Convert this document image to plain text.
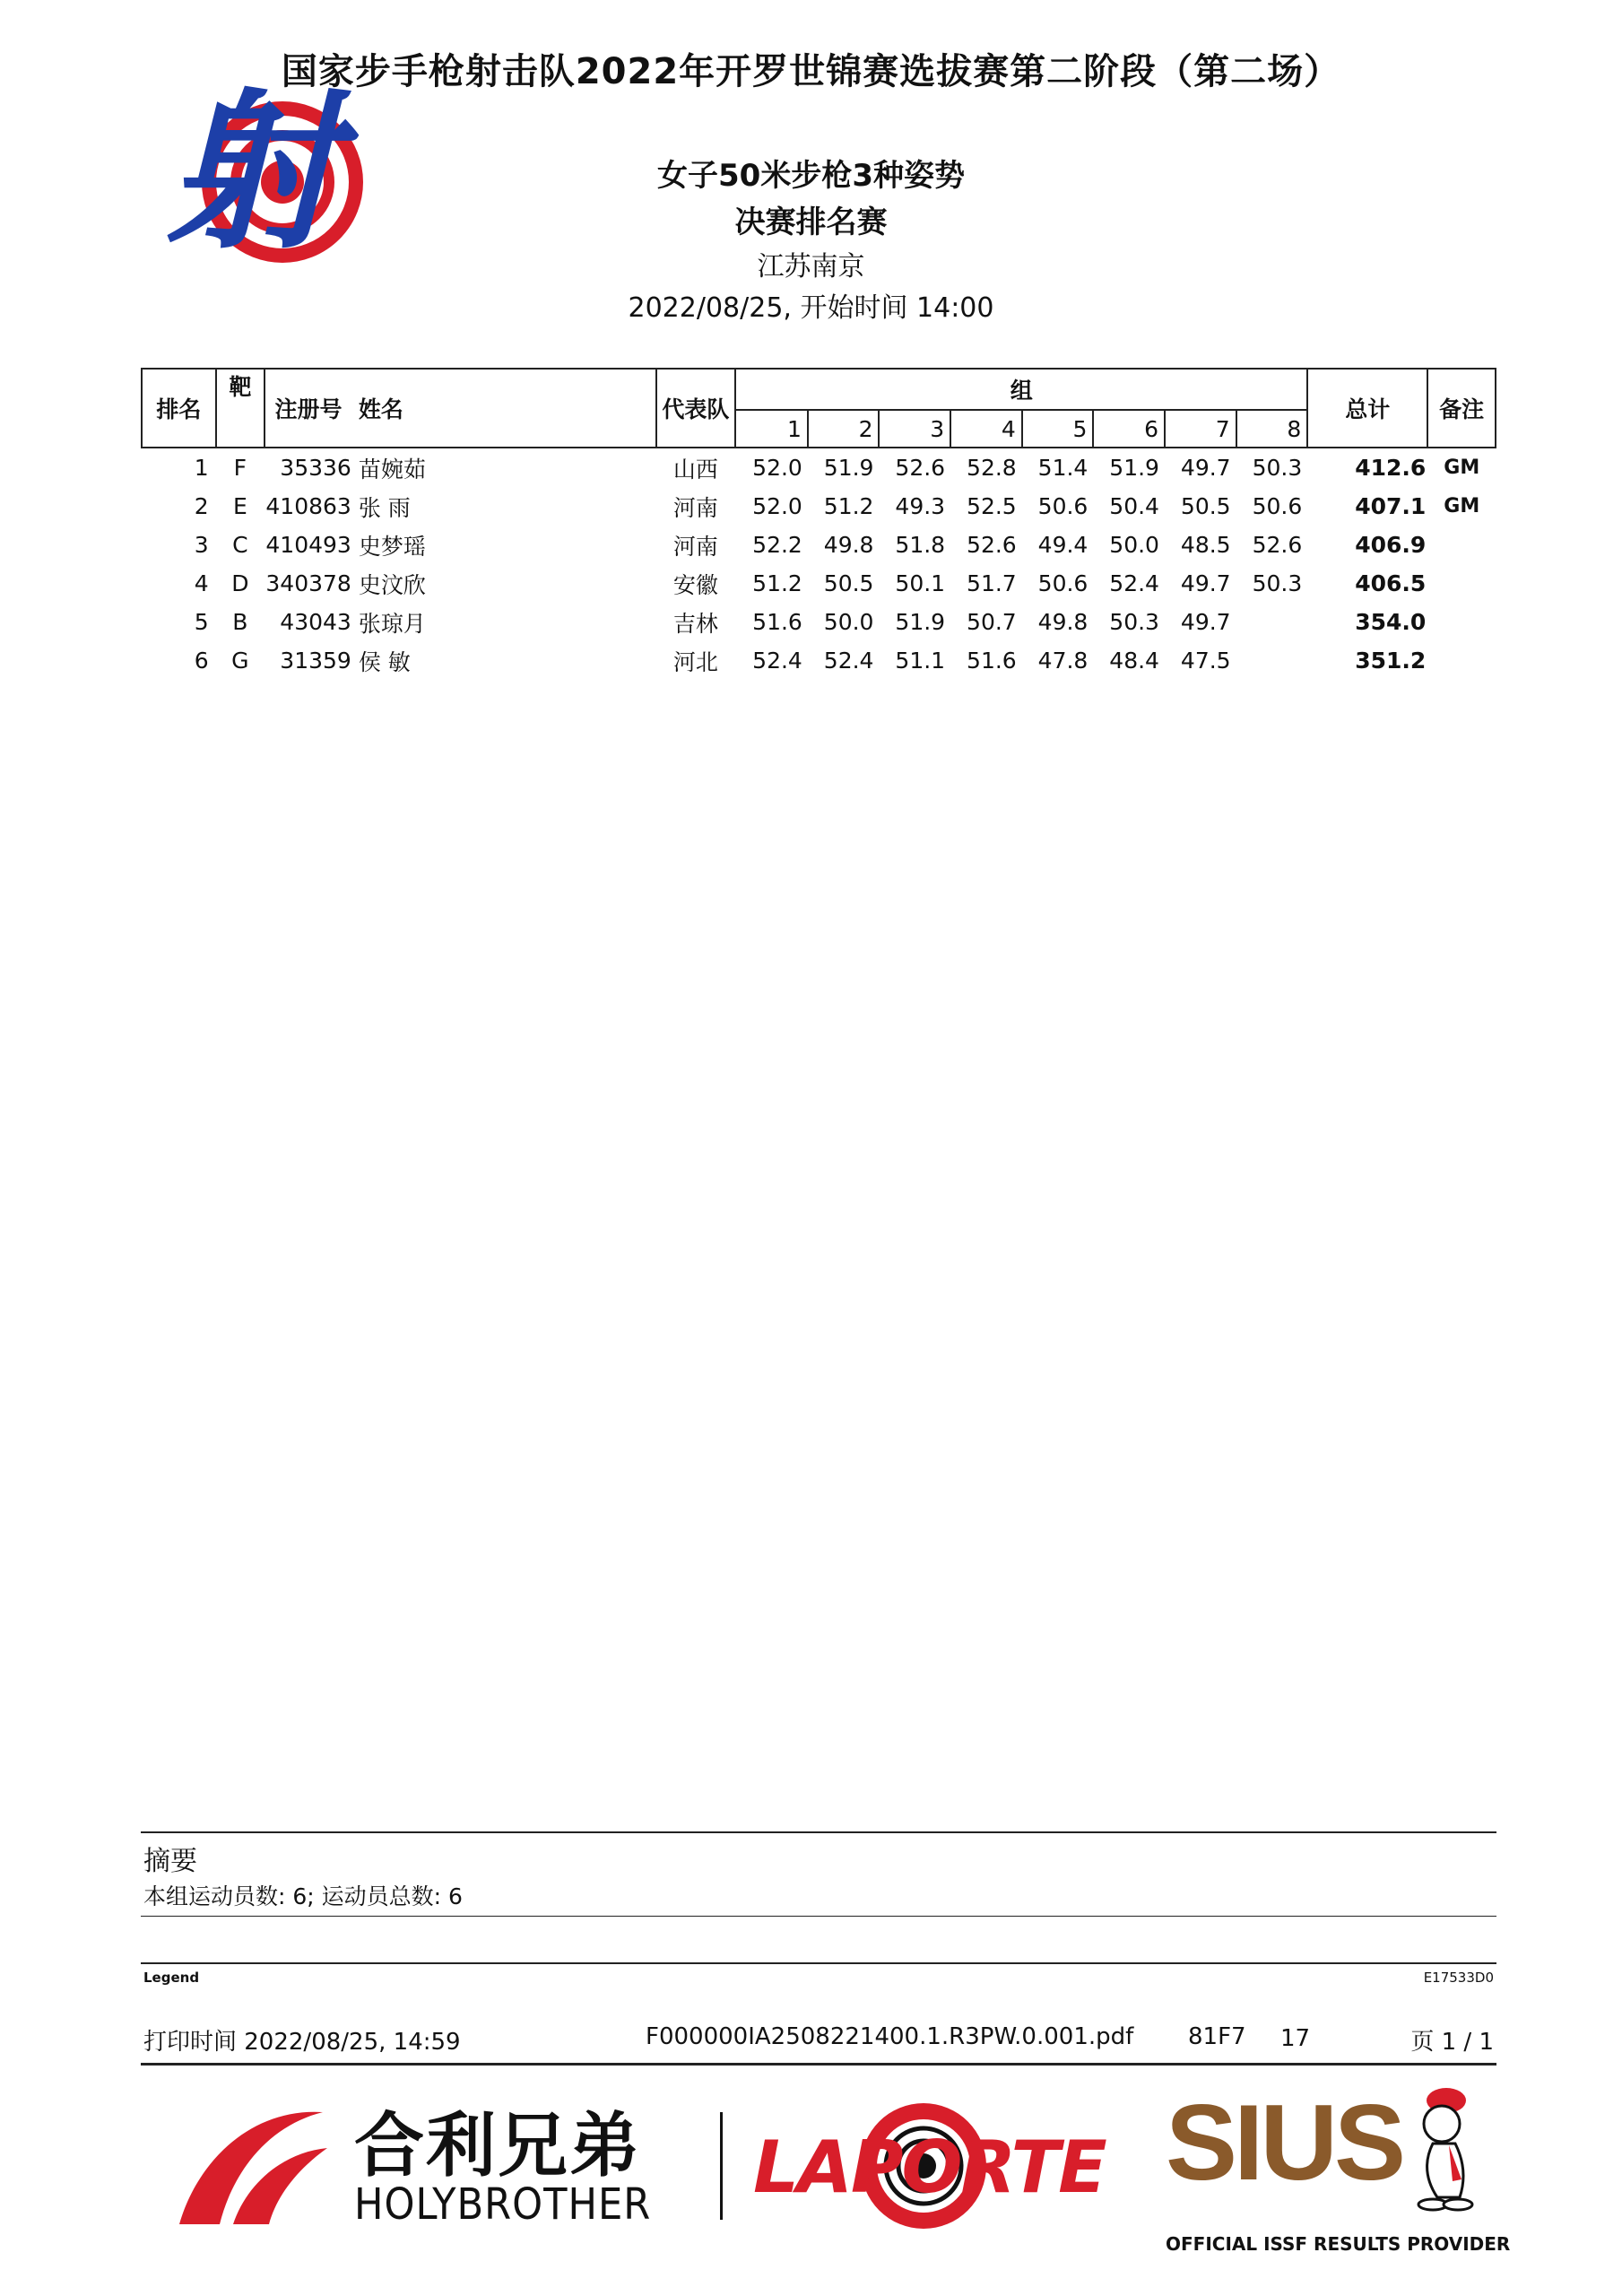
射
国家步手枪射击队2022年开罗世锦赛选拔赛第二阶段（第二场）
女子50米步枪3种姿势
决赛排名赛
江苏南京
2022/08/25, 开始时间 14:00
排名	靶	注册号	姓名	代表队	组								总计	备注
					1	2	3	4	5	6	7	8		
1	F	35336	苗婉茹	山西	52.0	51.9	52.6	52.8	51.4	51.9	49.7	50.3	412.6	GM
2	E	410863	张 雨	河南	52.0	51.2	49.3	52.5	50.6	50.4	50.5	50.6	407.1	GM
3	C	410493	史梦瑶	河南	52.2	49.8	51.8	52.6	49.4	50.0	48.5	52.6	406.9	
4	D	340378	史汶欣	安徽	51.2	50.5	50.1	51.7	50.6	52.4	49.7	50.3	406.5	
5	B	43043	张琼月	吉林	51.6	50.0	51.9	50.7	49.8	50.3	49.7		354.0	
6	G	31359	侯 敏	河北	52.4	52.4	51.1	51.6	47.8	48.4	47.5		351.2	
摘要
本组运动员数: 6; 运动员总数: 6
Legend	E17533D0
打印时间 2022/08/25, 14:59	F000000IA2508221400.1.R3PW.0.001.pdf 81F7 17	页 1 / 1
合利兄弟
HOLYBROTHER LAPORTE SIUS
OFFICIAL ISSF RESULTS PROVIDER
